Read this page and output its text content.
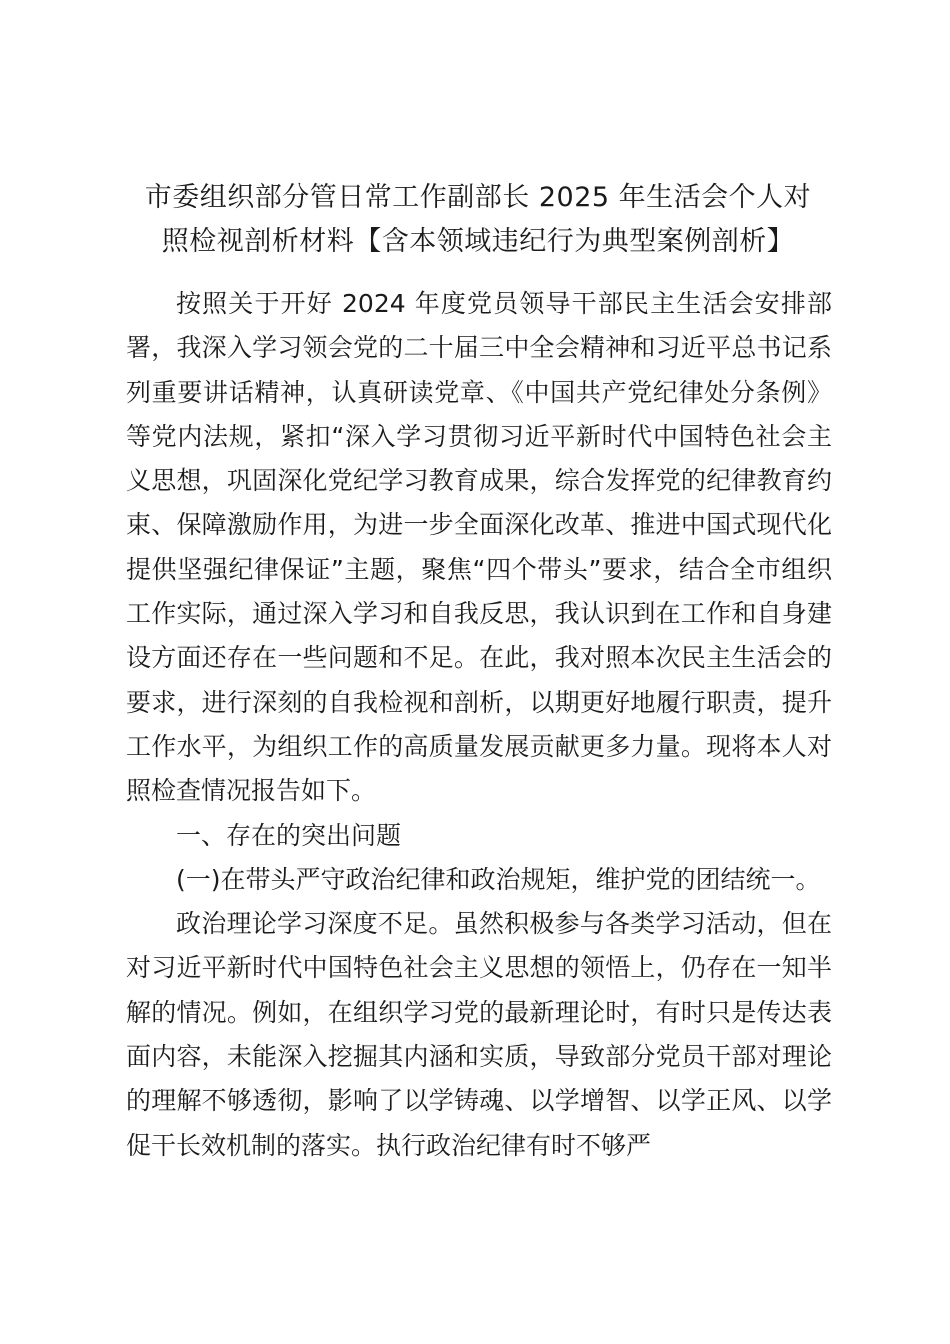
市委组织部分管日常工作副部长 2025 年生活会个人对
照检视剖析材料【含本领域违纪行为典型案例剖析】

按照关于开好 2024 年度党员领导干部民主生活会安排部署，我深入学习领会党的二十届三中全会精神和习近平总书记系列重要讲话精神，认真研读党章、《中国共产党纪律处分条例》等党内法规，紧扣“深入学习贯彻习近平新时代中国特色社会主义思想，巩固深化党纪学习教育成果，综合发挥党的纪律教育约束、保障激励作用，为进一步全面深化改革、推进中国式现代化提供坚强纪律保证”主题，聚焦“四个带头”要求，结合全市组织工作实际，通过深入学习和自我反思，我认识到在工作和自身建设方面还存在一些问题和不足。在此，我对照本次民主生活会的要求，进行深刻的自我检视和剖析，以期更好地履行职责，提升工作水平，为组织工作的高质量发展贡献更多力量。现将本人对照检查情况报告如下。

一、存在的突出问题

(一)在带头严守政治纪律和政治规矩，维护党的团结统一。

政治理论学习深度不足。虽然积极参与各类学习活动，但在对习近平新时代中国特色社会主义思想的领悟上，仍存在一知半解的情况。例如，在组织学习党的最新理论时，有时只是传达表面内容，未能深入挖掘其内涵和实质，导致部分党员干部对理论的理解不够透彻，影响了以学铸魂、以学增智、以学正风、以学促干长效机制的落实。执行政治纪律有时不够严
